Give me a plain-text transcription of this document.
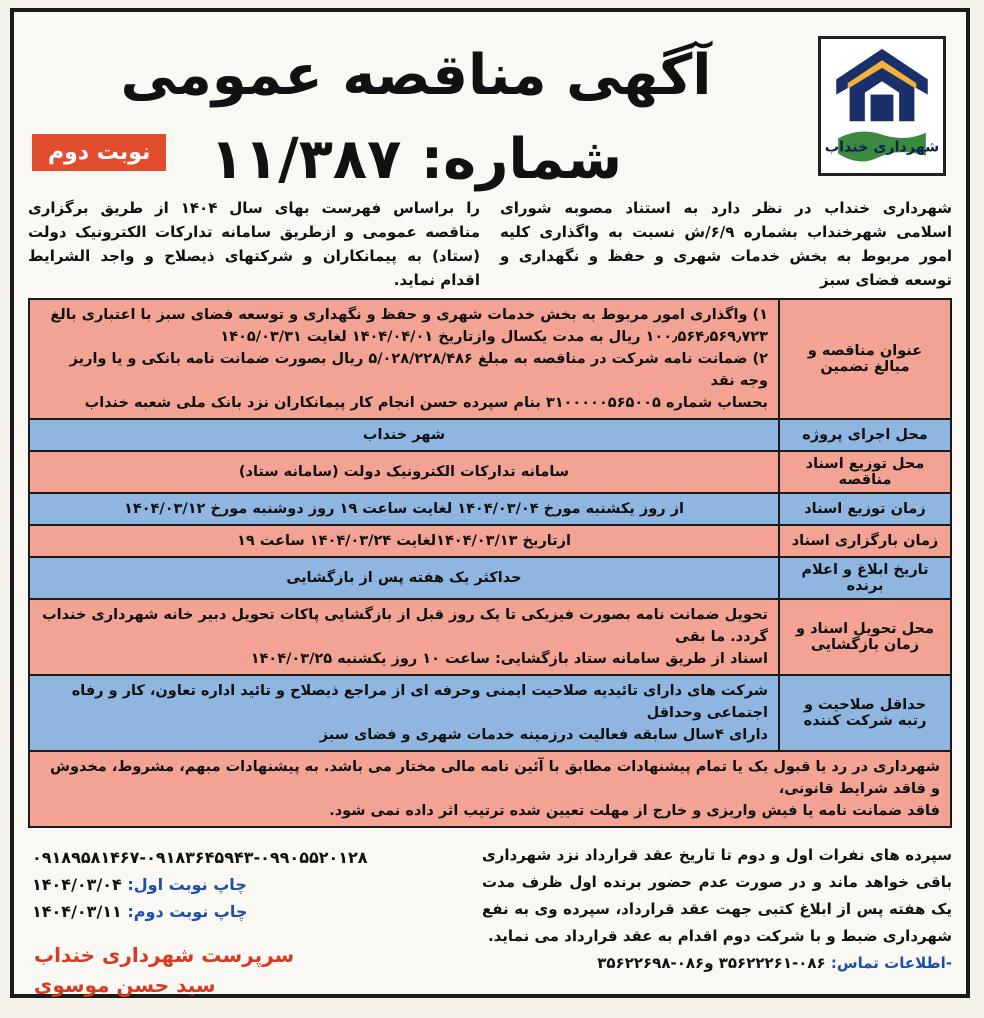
شهرداری خنداب
آگهی مناقصه عمومی شماره: ۱۱/۳۸۷
نوبت دوم
شهرداری خنداب در نظر دارد به استناد مصوبه شورای اسلامی شهرخنداب بشماره ۶/۹/ش نسبت به واگذاری کلیه امور مربوط به بخش خدمات شهری و حفظ و نگهداری و توسعه فضای سبز
را براساس فهرست بهای سال ۱۴۰۴ از طریق برگزاری مناقصه عمومی و ازطریق سامانه تدارکات الکترونیک دولت (ستاد) به پیمانکاران و شرکتهای ذیصلاح و واجد الشرایط اقدام نماید.
عنوان مناقصه و مبالغ تضمین	۱) واگذاری امور مربوط به بخش خدمات شهری و حفظ و نگهداری و توسعه فضای سبز با اعتباری بالغ
۱۰۰٫۵۶۴٫۵۶۹٫۷۲۳ ریال به مدت یکسال وازتاریخ ۱۴۰۴/۰۴/۰۱ لغایت ۱۴۰۵/۰۳/۳۱
۲) ضمانت نامه شرکت در مناقصه به مبلغ ۵/۰۲۸/۲۲۸/۴۸۶ ریال بصورت ضمانت نامه بانکی و یا واریز وجه نقد
بحساب شماره ۳۱۰۰۰۰۰۵۶۵۰۰۵ بنام سپرده حسن انجام کار پیمانکاران نزد بانک ملی شعبه خنداب

محل اجرای پروژه	شهر خنداب

محل توزیع اسناد مناقصه	سامانه تدارکات الکترونیک دولت (سامانه ستاد)

زمان توزیع اسناد	از روز یکشنبه مورخ ۱۴۰۴/۰۳/۰۴ لغایت ساعت ۱۹ روز دوشنبه مورخ ۱۴۰۴/۰۳/۱۲

زمان بارگزاری اسناد	ازتاریخ ۱۴۰۴/۰۳/۱۳لغایت ۱۴۰۴/۰۳/۲۴ ساعت ۱۹

تاریخ ابلاغ و اعلام برنده	حداکثر یک هفته پس از بازگشایی

محل تحویل اسناد و زمان بازگشایی	تحویل ضمانت نامه بصورت فیزیکی تا یک روز قبل از بازگشایی پاکات تحویل دبیر خانه شهرداری خنداب گردد. ما بقی
اسناد از طریق سامانه ستاد بازگشایی: ساعت ۱۰ روز یکشنبه ۱۴۰۴/۰۳/۲۵

حداقل صلاحیت و رتبه شرکت کننده	شرکت های دارای تائیدیه صلاحیت ایمنی وحرفه ای از مراجع ذیصلاح و تائید اداره تعاون، کار و رفاه اجتماعی وحداقل
دارای ۴سال سابقه فعالیت درزمینه خدمات شهری و فضای سبز

شهرداری در رد یا قبول یک یا تمام پیشنهادات مطابق با آئین نامه مالی مختار می باشد. به پیشنهادات مبهم، مشروط، مخدوش و فاقد شرایط قانونی،
فاقد ضمانت نامه یا فیش واریزی و خارج از مهلت تعیین شده ترتیب اثر داده نمی شود.	
سپرده های نفرات اول و دوم تا تاریخ عقد قرارداد نزد شهرداری باقی خواهد ماند و در صورت عدم حضور برنده اول ظرف مدت یک هفته پس از ابلاغ کتبی جهت عقد قرارداد، سپرده وی به نفع شهرداری ضبط و با شرکت دوم اقدام به عقد قرارداد می نماید.
-اطلاعات تماس: ۰۸۶-۳۵۶۲۲۲۶۱ و۰۸۶-۳۵۶۲۲۶۹۸
۰۹۱۸۹۵۸۱۴۶۷-۰۹۱۸۳۶۴۵۹۴۳-۰۹۹۰۵۵۲۰۱۲۸
چاپ نوبت اول: ۱۴۰۴/۰۳/۰۴
چاپ نوبت دوم: ۱۴۰۴/۰۳/۱۱
سرپرست شهرداری خنداب
سید حسن موسوی
